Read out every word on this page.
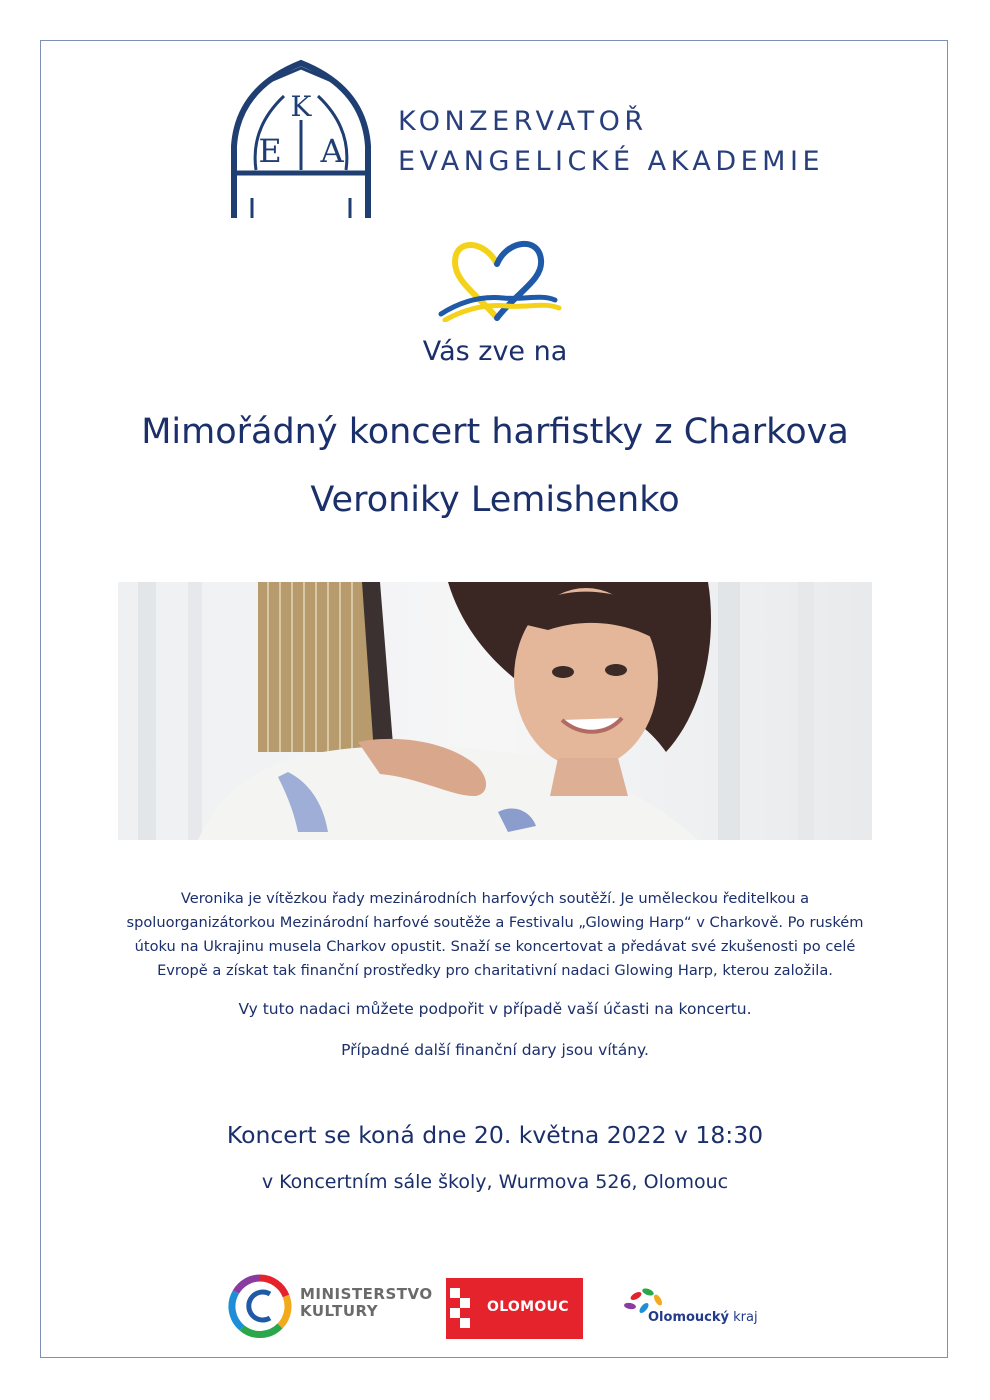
K
E A
KONZERVATOŘ
EVANGELICKÉ AKADEMIE
Vás zve na
Mimořádný koncert harfistky z Charkova
Veroniky Lemishenko
Veronika je vítězkou řady mezinárodních harfových soutěží. Je uměleckou ředitelkou a spoluorganizátorkou Mezinárodní harfové soutěže a Festivalu „Glowing Harp“ v Charkově. Po ruském útoku na Ukrajinu musela Charkov opustit. Snaží se koncertovat a předávat své zkušenosti po celé Evropě a získat tak finanční prostředky pro charitativní nadaci Glowing Harp, kterou založila.
Vy tuto nadaci můžete podpořit v případě vaší účasti na koncertu.
Případné další finanční dary jsou vítány.
Koncert se koná dne 20. května 2022 v 18:30
v Koncertním sále školy, Wurmova 526, Olomouc
MINISTERSTVO
KULTURY	OLOMOUC
Olomoucký kraj
